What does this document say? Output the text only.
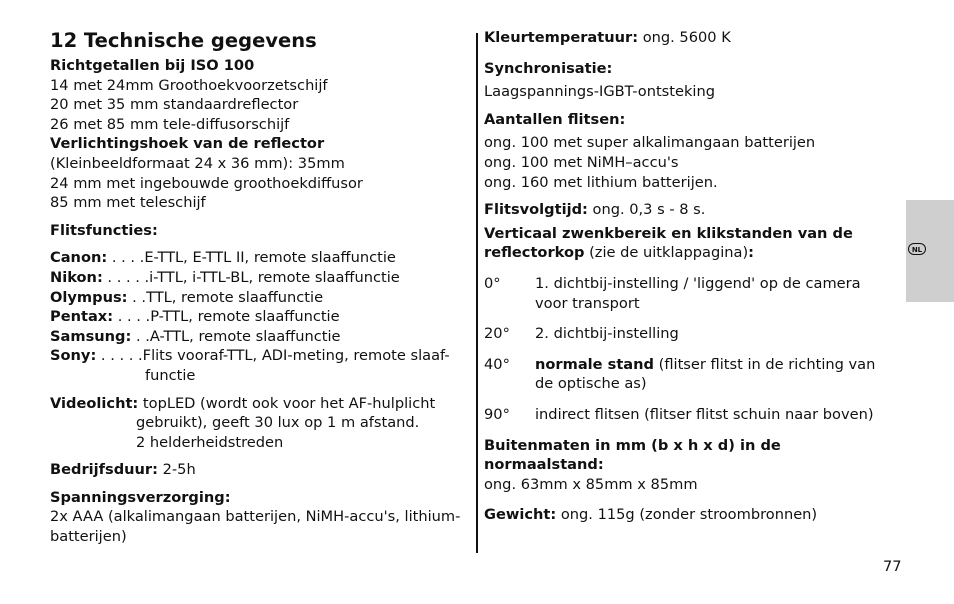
12 Technische gegevens

Richtgetallen bij ISO 100

14 met 24mm Groothoekvoorzetschijf

20 met 35 mm standaardreflector

26 met 85 mm tele-diffusorschijf

Verlichtingshoek van de reflector

(Kleinbeeldformaat 24 x 36 mm): 35mm

24 mm met ingebouwde groothoekdiffusor

85 mm met teleschijf

Flitsfuncties:

Canon: . . . .E-TTL, E-TTL II, remote slaaffunctie

Nikon: . . . . .i-TTL, i-TTL-BL, remote slaaffunctie

Olympus: . .TTL, remote slaaffunctie

Pentax: . . . .P-TTL, remote slaaffunctie

Samsung: . .A-TTL, remote slaaffunctie

Sony: . . . . .Flits vooraf-TTL, ADI-meting, remote slaaf-

functie

Videolicht: topLED (wordt ook voor het AF-hulplicht

gebruikt), geeft 30 lux op 1 m afstand.

2 helderheidstreden

Bedrijfsduur: 2-5h

Spanningsverzorging:

2x AAA (alkalimangaan batterijen, NiMH-accu's, lithium-

batterijen)

Kleurtemperatuur: ong. 5600 K

Synchronisatie:

Laagspannings-IGBT-ontsteking

Aantallen flitsen:

ong. 100 met super alkalimangaan batterijen

ong. 100 met NiMH–accu's

ong. 160 met lithium batterijen.

Flitsvolgtijd: ong. 0,3 s - 8 s.

Verticaal zwenkbereik en klikstanden van de

reflectorkop (zie de uitklappagina):

0°	1. dichtbij-instelling / 'liggend' op de camera voor transport
20°	2. dichtbij-instelling
40°	normale stand (flitser flitst in de richting van de optische as)
90°	indirect flitsen (flitser flitst schuin naar boven)

Buitenmaten in mm (b x h x d) in de normaalstand:

ong. 63mm x 85mm x 85mm

Gewicht: ong. 115g (zonder stroombronnen)

NL
77
